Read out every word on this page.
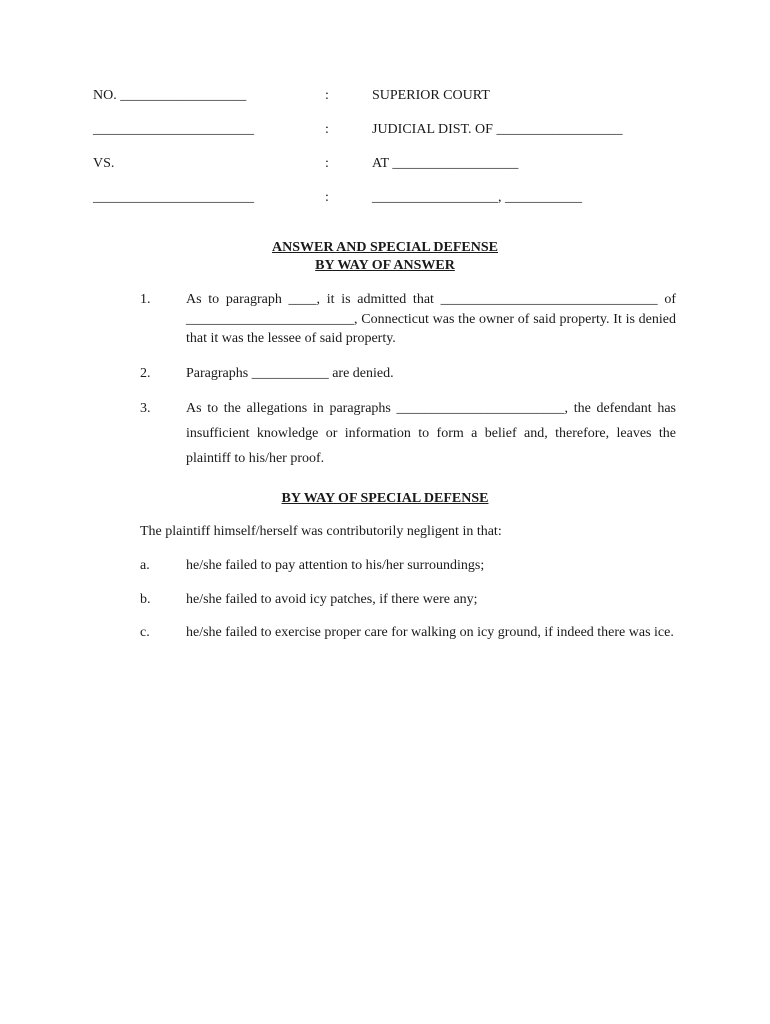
NO. __________________	:	SUPERIOR COURT
_______________________	:	JUDICIAL DIST. OF __________________
VS.	:	AT __________________
_______________________	:	__________________, ___________
ANSWER AND SPECIAL DEFENSE
BY WAY OF ANSWER
1.	As to paragraph ____, it is admitted that _______________________________ of ________________________, Connecticut was the owner of said property. It is denied that it was the lessee of said property.
2.	Paragraphs ___________ are denied.
3.	As to the allegations in paragraphs ________________________, the defendant has insufficient knowledge or information to form a belief and, therefore, leaves the plaintiff to his/her proof.
BY WAY OF SPECIAL DEFENSE
The plaintiff himself/herself was contributorily negligent in that:
a.	he/she failed to pay attention to his/her surroundings;
b.	he/she failed to avoid icy patches, if there were any;
c.	he/she failed to exercise proper care for walking on icy ground, if indeed there was ice.
